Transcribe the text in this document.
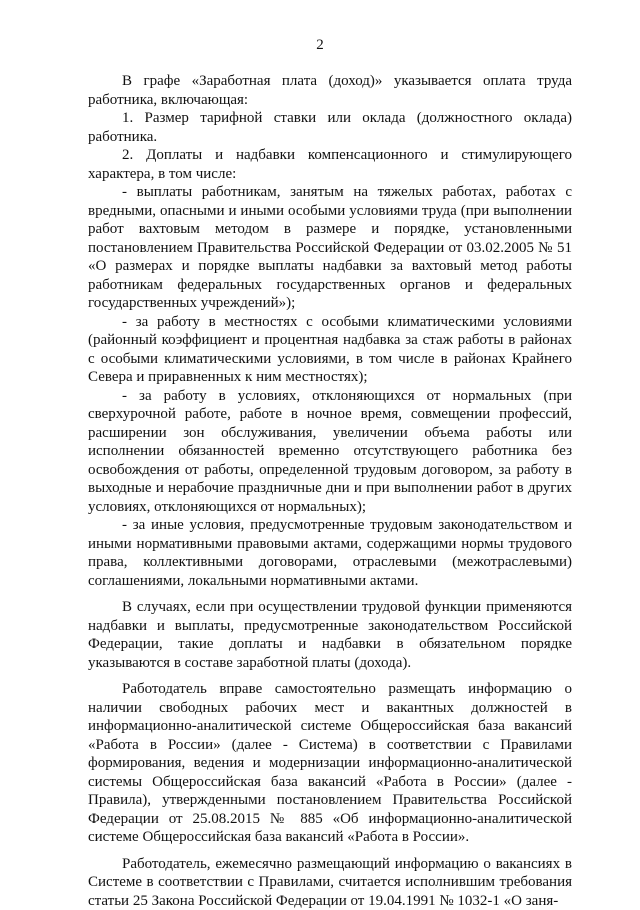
2

В графе «Заработная плата (доход)» указывается оплата труда работника, включающая:

1. Размер тарифной ставки или оклада (должностного оклада) работника.

2. Доплаты и надбавки компенсационного и стимулирующего характера, в том числе:

- выплаты работникам, занятым на тяжелых работах, работах с вредными, опасными и иными особыми условиями труда (при выполнении работ вахтовым методом в размере и порядке, установленными постановлением Правительства Российской Федерации от 03.02.2005 № 51 «О размерах и порядке выплаты надбавки за вахтовый метод работы работникам федеральных государственных органов и федеральных государственных учреждений»);

- за работу в местностях с особыми климатическими условиями (районный коэффициент и процентная надбавка за стаж работы в районах с особыми климатическими условиями, в том числе в районах Крайнего Севера и приравненных к ним местностях);

- за работу в условиях, отклоняющихся от нормальных (при сверхурочной работе, работе в ночное время, совмещении профессий, расширении зон обслуживания, увеличении объема работы или исполнении обязанностей временно отсутствующего работника без освобождения от работы, определенной трудовым договором, за работу в выходные и нерабочие праздничные дни и при выполнении работ в других условиях, отклоняющихся от нормальных);

- за иные условия, предусмотренные трудовым законодательством и иными нормативными правовыми актами, содержащими нормы трудового права, коллективными договорами, отраслевыми (межотраслевыми) соглашениями, локальными нормативными актами.

В случаях, если при осуществлении трудовой функции применяются надбавки и выплаты, предусмотренные законодательством Российской Федерации, такие доплаты и надбавки в обязательном порядке указываются в составе заработной платы (дохода).

Работодатель вправе самостоятельно размещать информацию о наличии свободных рабочих мест и вакантных должностей в информационно-аналитической системе Общероссийская база вакансий «Работа в России» (далее - Система) в соответствии с Правилами формирования, ведения и модернизации информационно-аналитической системы Общероссийская база вакансий «Работа в России» (далее - Правила), утвержденными постановлением Правительства Российской Федерации от 25.08.2015 № 885 «Об информационно-аналитической системе Общероссийская база вакансий «Работа в России».

Работодатель, ежемесячно размещающий информацию о вакансиях в Системе в соответствии с Правилами, считается исполнившим требования статьи 25 Закона Российской Федерации от 19.04.1991 № 1032-1 «О заня-
